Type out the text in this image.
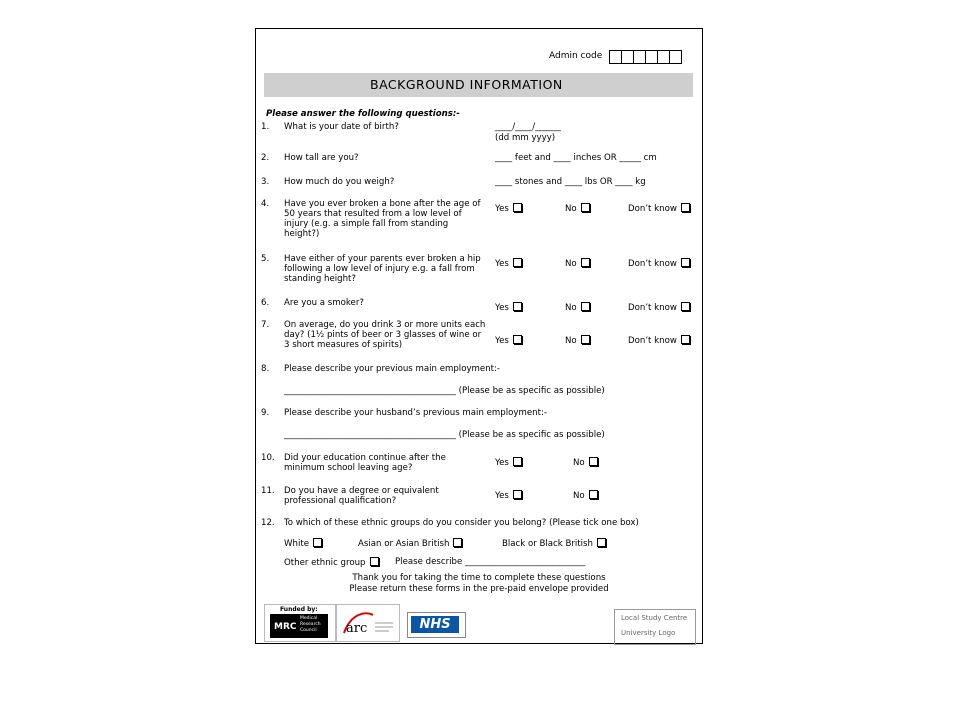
Admin code
BACKGROUND INFORMATION
Please answer the following questions:-
1. What is your date of birth?	____/____/______
(dd mm yyyy)
2. How tall are you?	____ feet and ____ inches OR _____ cm
3. How much do you weigh?	____ stones and ____ lbs OR ____ kg
4. Have you ever broken a bone after the age of 50 years that resulted from a low level of injury (e.g. a simple fall from standing height?)
Yes	No	Don’t know
5. Have either of your parents ever broken a hip following a low level of injury e.g. a fall from standing height?
Yes	No	Don’t know
6. Are you a smoker?	Yes	No	Don’t know
7. On average, do you drink 3 or more units each day? (1½ pints of beer or 3 glasses of wine or 3 short measures of spirits)	Yes	No	Don’t know
8. Please describe your previous main employment:-
________________________________________ (Please be as specific as possible)
9. Please describe your husband’s previous main employment:-
________________________________________ (Please be as specific as possible)
10. Did your education continue after the minimum school leaving age?	Yes	No
11. Do you have a degree or equivalent professional qualification?	Yes	No
12. To which of these ethnic groups do you consider you belong? (Please tick one box)
White	Asian or Asian British	Black or Black British
Other ethnic group	Please describe ____________________________
Thank you for taking the time to complete these questions
Please return these forms in the pre-paid envelope provided
Funded by:
MRC
Medical Research Council	arc	NHS	Local Study Centre
University Logo
